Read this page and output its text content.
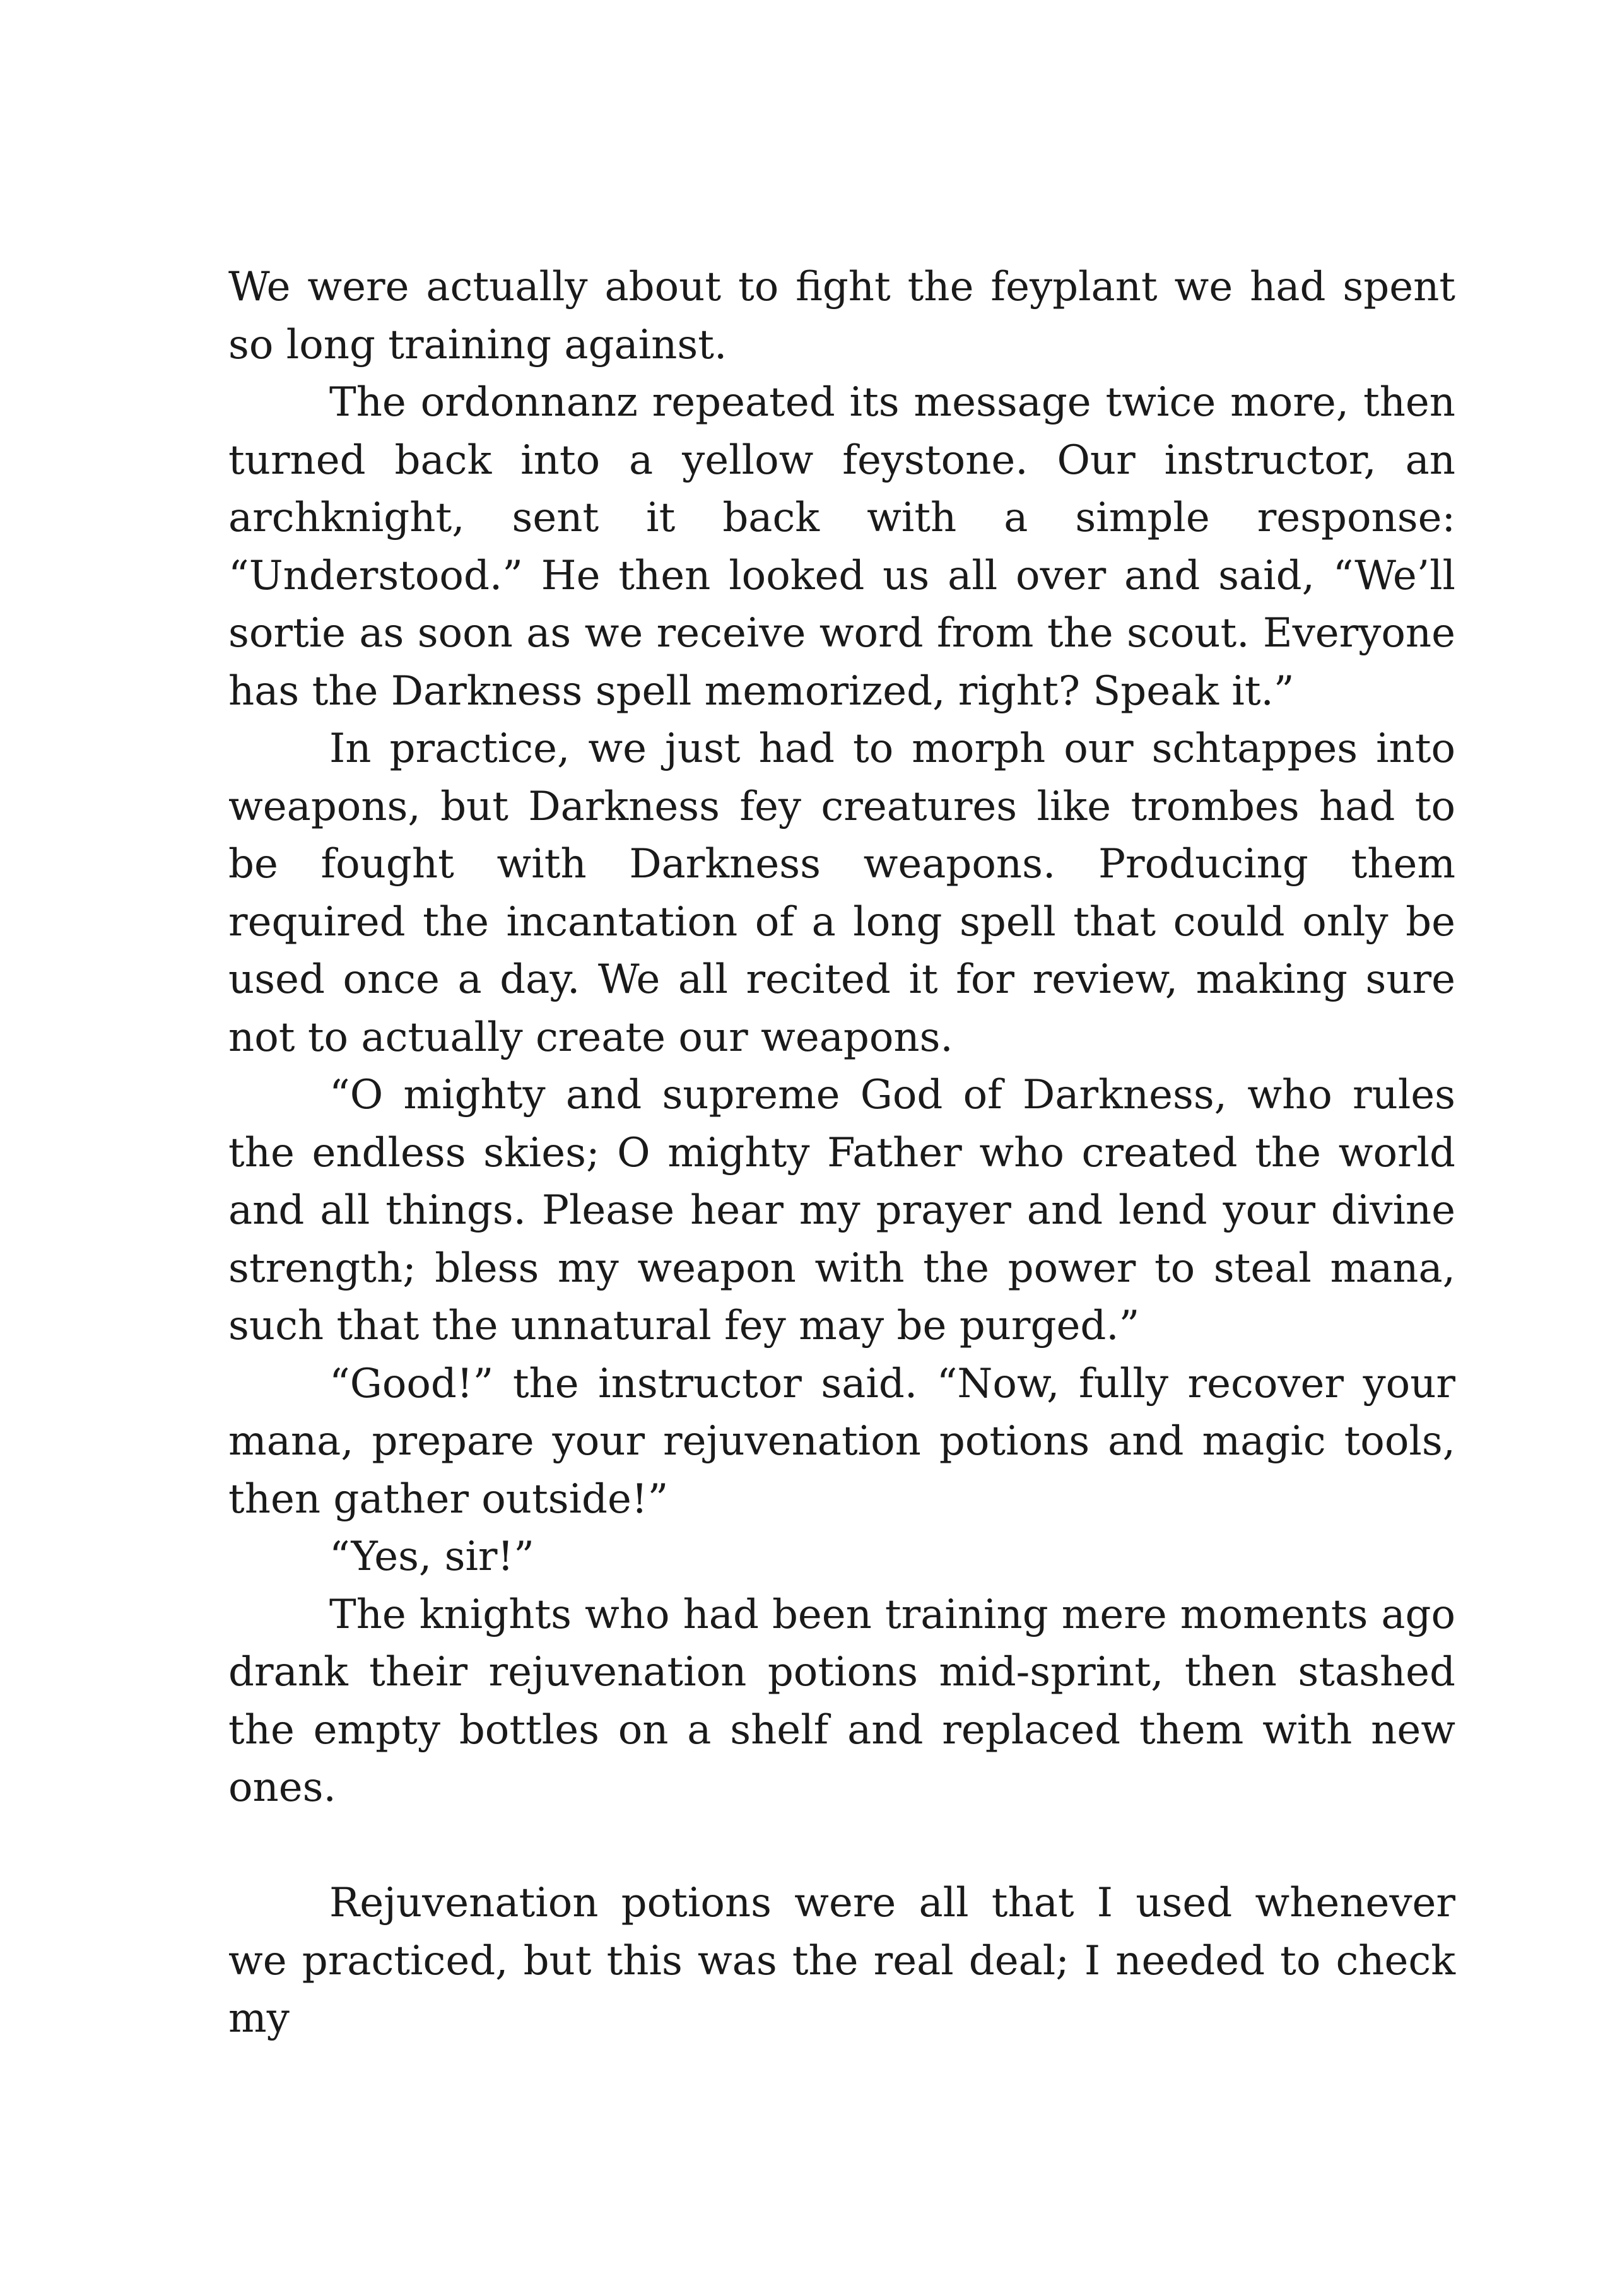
We were actually about to fight the feyplant we had spent so long training against.

The ordonnanz repeated its message twice more, then turned back into a yellow feystone. Our instructor, an archknight, sent it back with a simple response: “Understood.” He then looked us all over and said, “We’ll sortie as soon as we receive word from the scout. Everyone has the Darkness spell memorized, right? Speak it.”

In practice, we just had to morph our schtappes into weapons, but Darkness fey creatures like trombes had to be fought with Darkness weapons. Producing them required the incantation of a long spell that could only be used once a day. We all recited it for review, making sure not to actually create our weapons.

“O mighty and supreme God of Darkness, who rules the endless skies; O mighty Father who created the world and all things. Please hear my prayer and lend your divine strength; bless my weapon with the power to steal mana, such that the unnatural fey may be purged.”

“Good!” the instructor said. “Now, fully recover your mana, prepare your rejuvenation potions and magic tools, then gather outside!”

“Yes, sir!”

The knights who had been training mere moments ago drank their rejuvenation potions mid-sprint, then stashed the empty bottles on a shelf and replaced them with new ones.

Rejuvenation potions were all that I used whenever we practiced, but this was the real deal; I needed to check my
